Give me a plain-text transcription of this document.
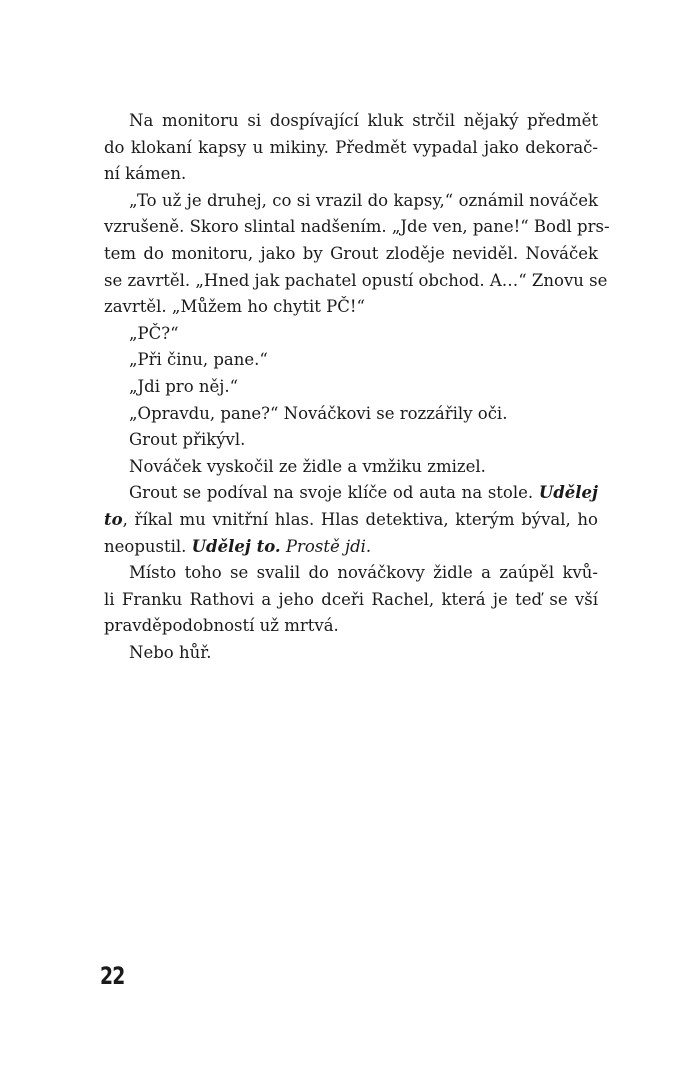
Na monitoru si dospívající kluk strčil nějaký předmět
do klokaní kapsy u mikiny. Předmět vypadal jako dekorač-
ní kámen.
„To už je druhej, co si vrazil do kapsy,“ oznámil nováček
vzrušeně. Skoro slintal nadšením. „Jde ven, pane!“ Bodl prs-
tem do monitoru, jako by Grout zloděje neviděl. Nováček
se zavrtěl. „Hned jak pachatel opustí obchod. A…“ Znovu se
zavrtěl. „Můžem ho chytit PČ!“
„PČ?“
„Při činu, pane.“
„Jdi pro něj.“
„Opravdu, pane?“ Nováčkovi se rozzářily oči.
Grout přikývl.
Nováček vyskočil ze židle a vmžiku zmizel.
Grout se podíval na svoje klíče od auta na stole. Udělej
to, říkal mu vnitřní hlas. Hlas detektiva, kterým býval, ho
neopustil. Udělej to. Prostě jdi.
Místo toho se svalil do nováčkovy židle a zaúpěl kvů-
li Franku Rathovi a jeho dceři Rachel, která je teď se vší
pravděpodobností už mrtvá.
Nebo hůř.
22
